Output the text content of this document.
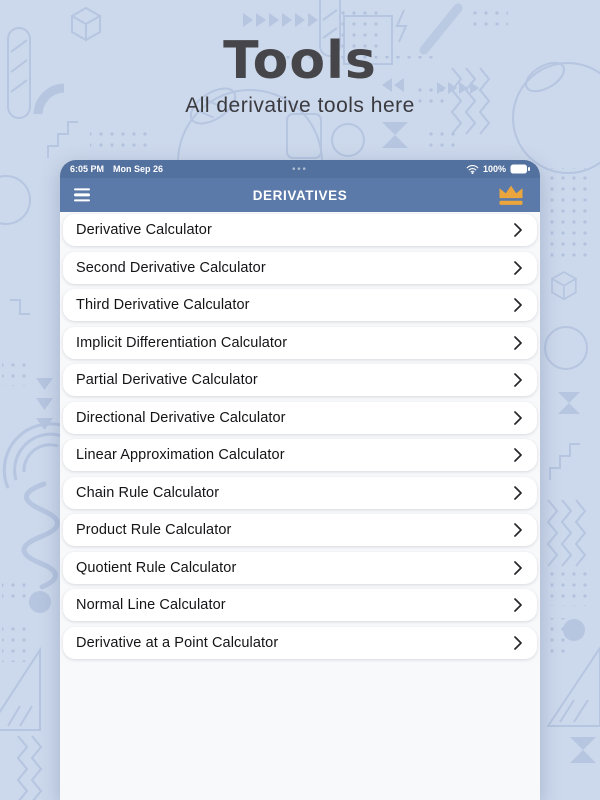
Tools
All derivative tools here
6:05 PM Mon Sep 26	•••	100%
DERIVATIVES
Derivative Calculator
Second Derivative Calculator
Third Derivative Calculator
Implicit Differentiation Calculator
Partial Derivative Calculator
Directional Derivative Calculator
Linear Approximation Calculator
Chain Rule Calculator
Product Rule Calculator
Quotient Rule Calculator
Normal Line Calculator
Derivative at a Point Calculator
